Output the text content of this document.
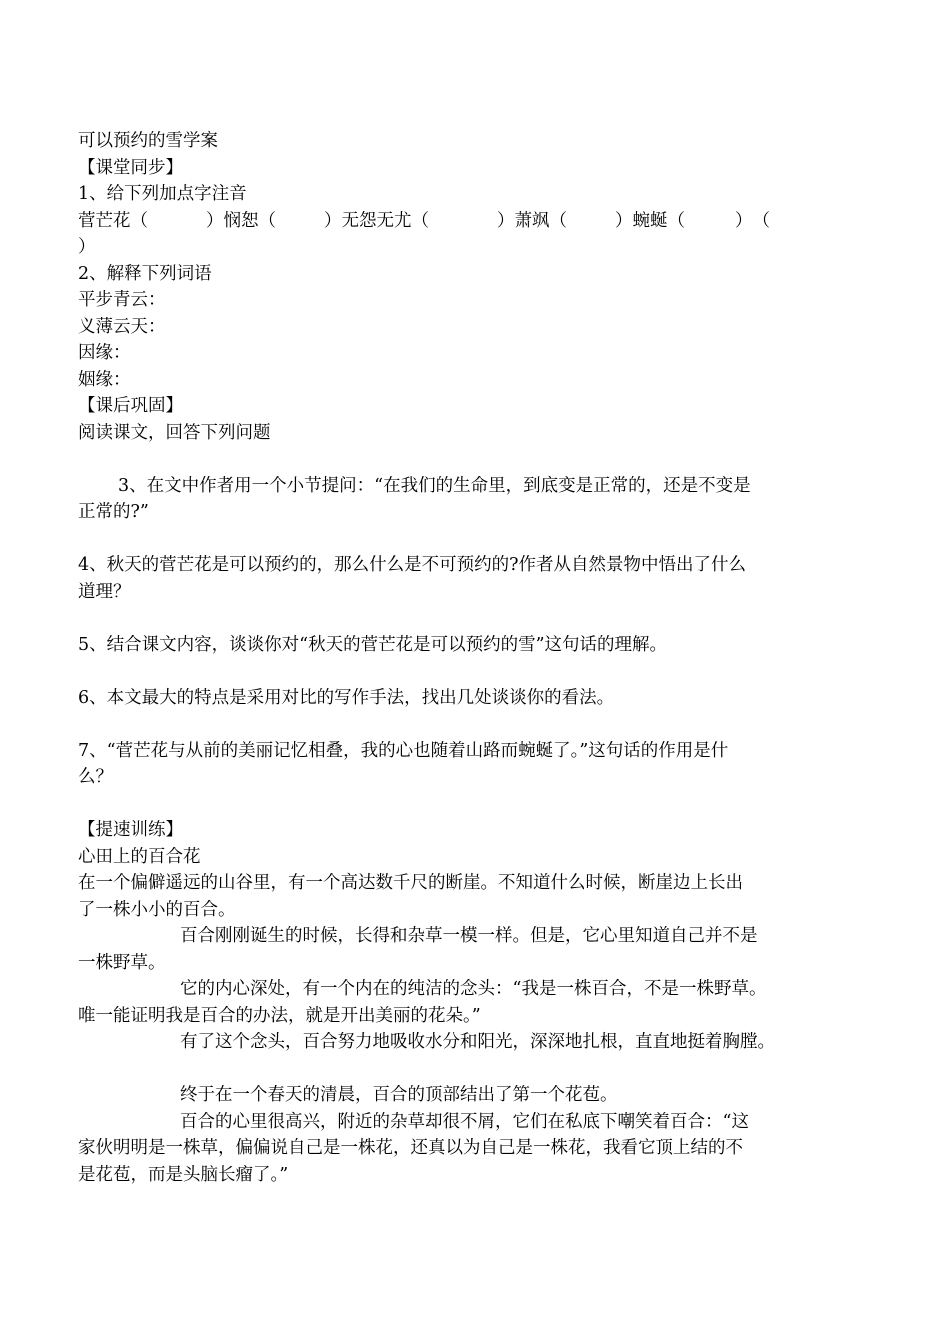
可以预约的雪学案
【课堂同步】
1、给下列加点字注音
菅芒花（	）悯恕（	）无怨无尤（	）萧飒（	）蜿蜒（	）（
）
2、解释下列词语
平步青云：
义薄云天：
因缘：
姻缘：
【课后巩固】
阅读课文，回答下列问题
3、在文中作者用一个小节提问：“在我们的生命里，到底变是正常的，还是不变是
正常的?”
4、秋天的菅芒花是可以预约的，那么什么是不可预约的?作者从自然景物中悟出了什么
道理？
5、结合课文内容，谈谈你对“秋天的菅芒花是可以预约的雪”这句话的理解。
6、本文最大的特点是采用对比的写作手法，找出几处谈谈你的看法。
7、“菅芒花与从前的美丽记忆相叠，我的心也随着山路而蜿蜒了。”这句话的作用是什
么？
【提速训练】
心田上的百合花
在一个偏僻遥远的山谷里，有一个高达数千尺的断崖。不知道什么时候，断崖边上长出
了一株小小的百合。
百合刚刚诞生的时候，长得和杂草一模一样。但是，它心里知道自己并不是
一株野草。
它的内心深处，有一个内在的纯洁的念头：“我是一株百合，不是一株野草。
唯一能证明我是百合的办法，就是开出美丽的花朵。”
有了这个念头，百合努力地吸收水分和阳光，深深地扎根，直直地挺着胸膛。
终于在一个春天的清晨，百合的顶部结出了第一个花苞。
百合的心里很高兴，附近的杂草却很不屑，它们在私底下嘲笑着百合：“这
家伙明明是一株草，偏偏说自己是一株花，还真以为自己是一株花，我看它顶上结的不
是花苞，而是头脑长瘤了。”
